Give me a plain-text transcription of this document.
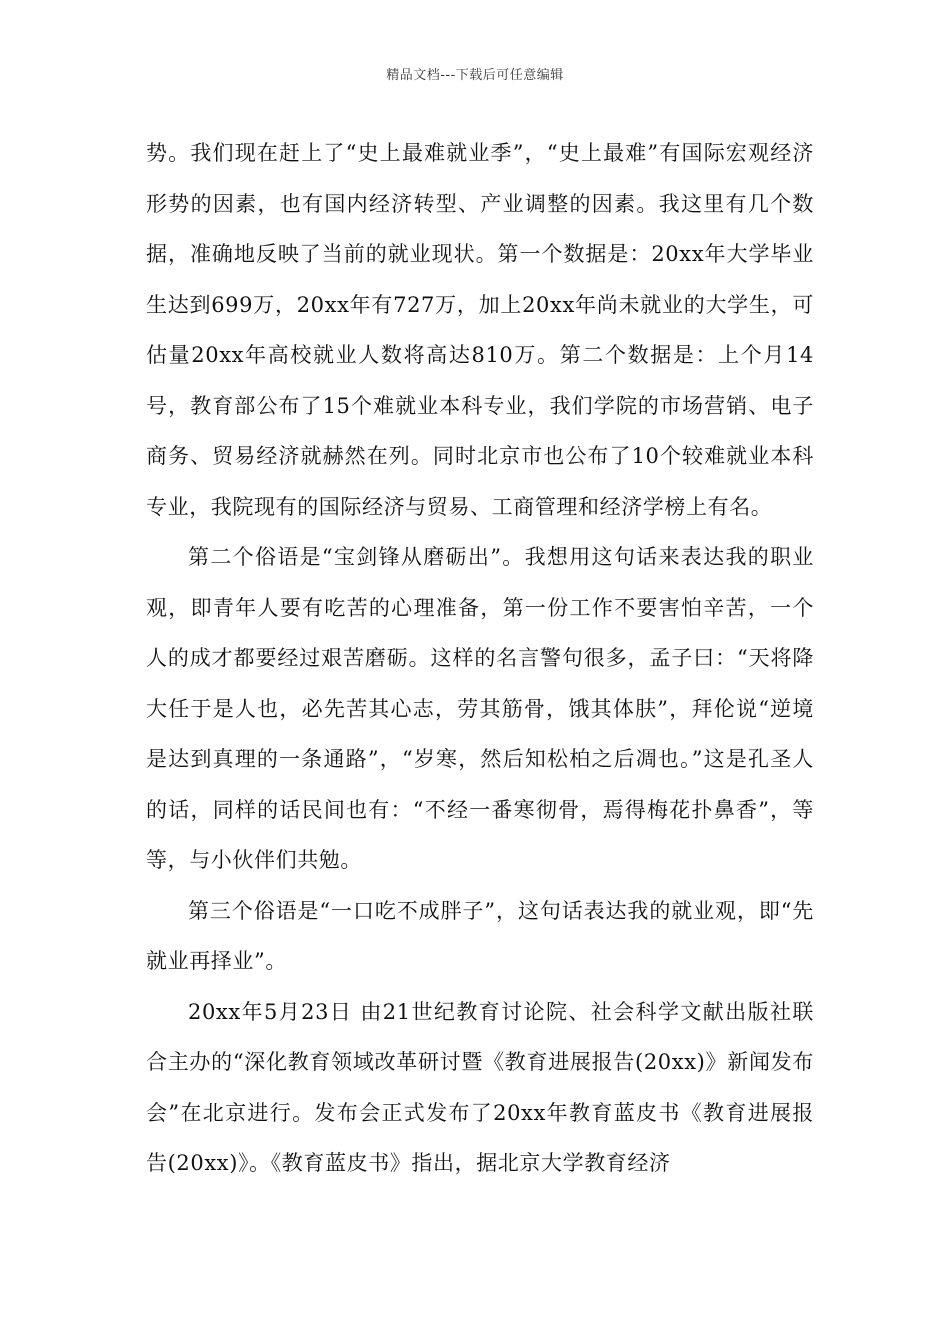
精品文档---下载后可任意编辑

势。我们现在赶上了“史上最难就业季”，“史上最难”有国际宏观经济形势的因素，也有国内经济转型、产业调整的因素。我这里有几个数据，准确地反映了当前的就业现状。第一个数据是：20xx年大学毕业生达到699万，20xx年有727万，加上20xx年尚未就业的大学生，可估量20xx年高校就业人数将高达810万。第二个数据是：上个月14号，教育部公布了15个难就业本科专业，我们学院的市场营销、电子商务、贸易经济就赫然在列。同时北京市也公布了10个较难就业本科专业，我院现有的国际经济与贸易、工商管理和经济学榜上有名。

第二个俗语是“宝剑锋从磨砺出”。我想用这句话来表达我的职业观，即青年人要有吃苦的心理准备，第一份工作不要害怕辛苦，一个人的成才都要经过艰苦磨砺。这样的名言警句很多，孟子曰：“天将降大任于是人也，必先苦其心志，劳其筋骨，饿其体肤”，拜伦说“逆境是达到真理的一条通路”，“岁寒，然后知松柏之后凋也。”这是孔圣人的话，同样的话民间也有：“不经一番寒彻骨，焉得梅花扑鼻香”，等等，与小伙伴们共勉。

第三个俗语是“一口吃不成胖子”，这句话表达我的就业观，即“先就业再择业”。

20xx年5月23日 由21世纪教育讨论院、社会科学文献出版社联合主办的“深化教育领域改革研讨暨《教育进展报告(20xx)》新闻发布会”在北京进行。发布会正式发布了20xx年教育蓝皮书《教育进展报告(20xx)》。《教育蓝皮书》指出，据北京大学教育经济
